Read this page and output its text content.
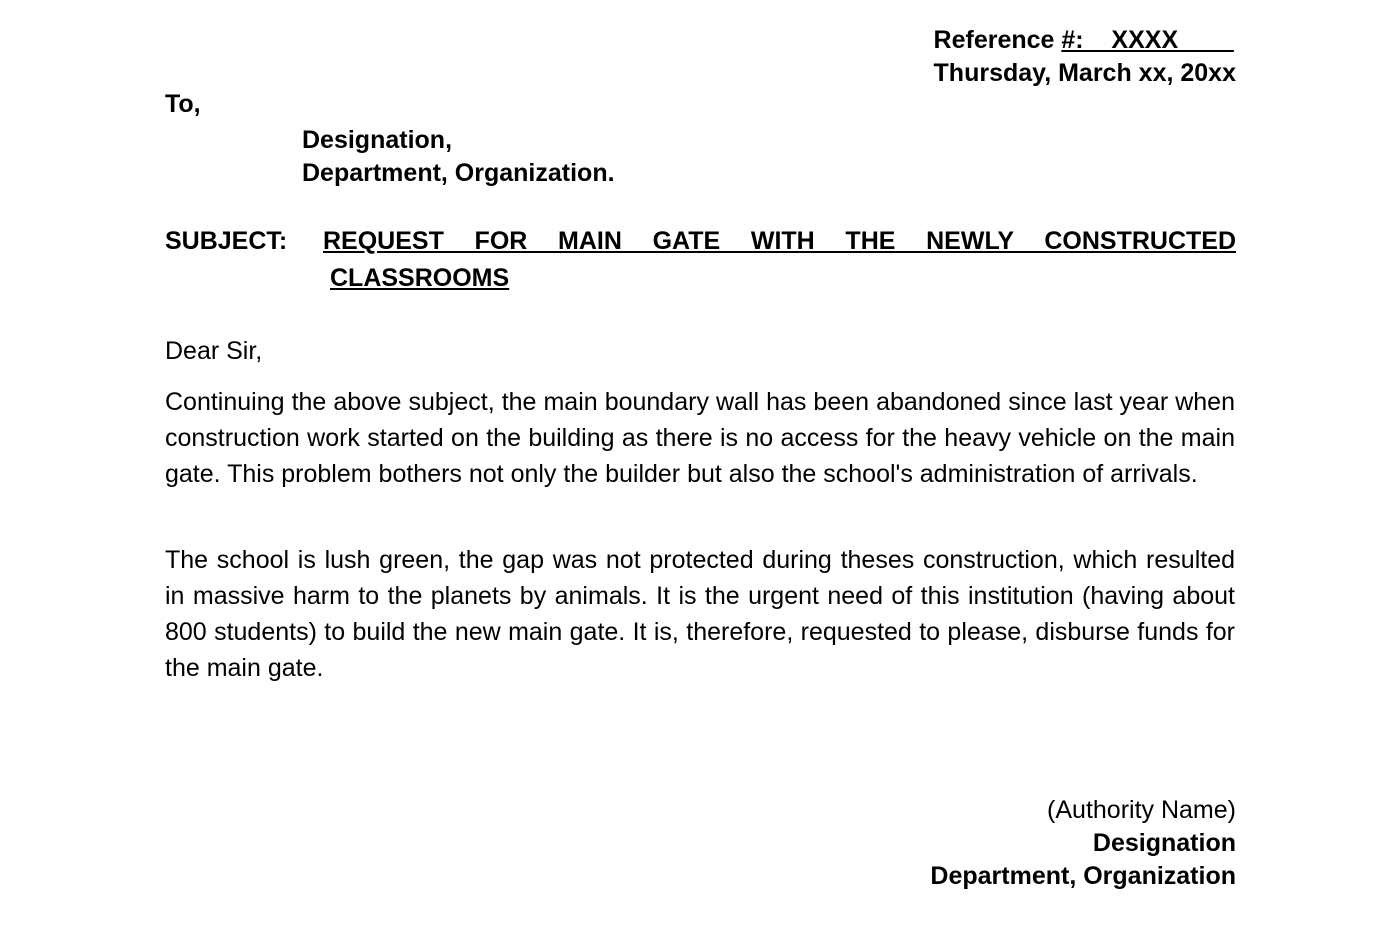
Reference #:__XXXX____
Thursday, March xx, 20xx
To,
Designation,
Department, Organization.
SUBJECT: REQUEST FOR MAIN GATE WITH THE NEWLY CONSTRUCTED
CLASSROOMS
Dear Sir,
Continuing the above subject, the main boundary wall has been abandoned since last year when construction work started on the building as there is no access for the heavy vehicle on the main gate. This problem bothers not only the builder but also the school's administration of arrivals.
The school is lush green, the gap was not protected during theses construction, which resulted in massive harm to the planets by animals. It is the urgent need of this institution (having about 800 students) to build the new main gate. It is, therefore, requested to please, disburse funds for the main gate.
(Authority Name)
Designation
Department, Organization
